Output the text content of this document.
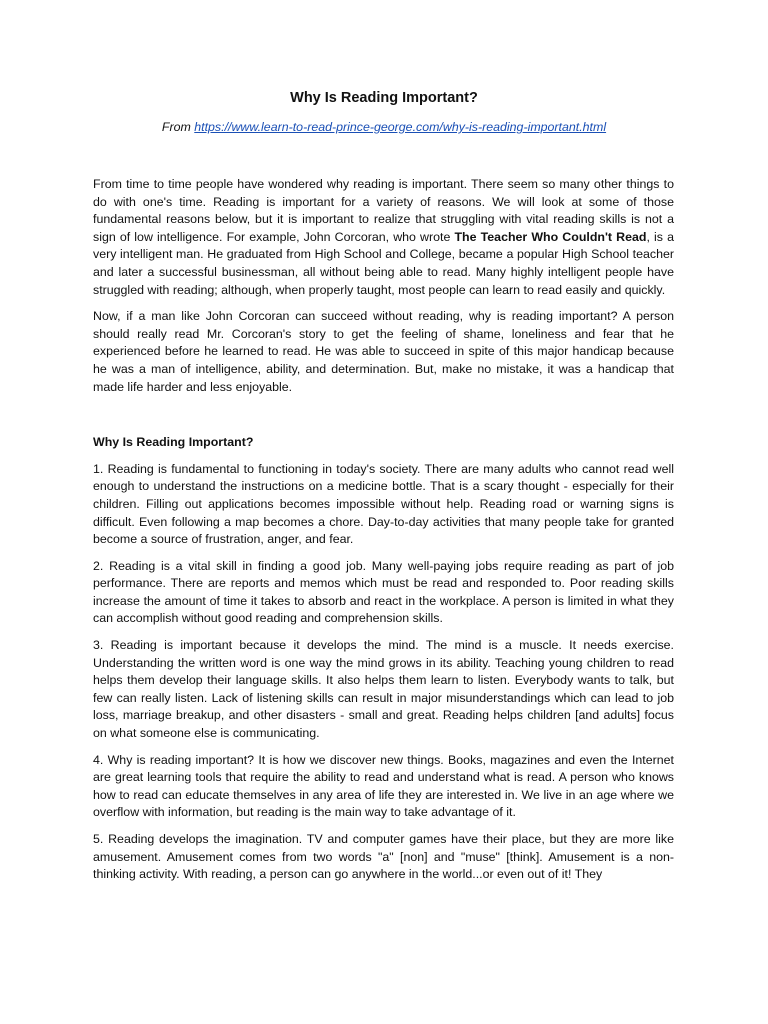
Why Is Reading Important?

From https://www.learn-to-read-prince-george.com/why-is-reading-important.html

From time to time people have wondered why reading is important. There seem so many other things to do with one's time. Reading is important for a variety of reasons. We will look at some of those fundamental reasons below, but it is important to realize that struggling with vital reading skills is not a sign of low intelligence. For example, John Corcoran, who wrote The Teacher Who Couldn't Read, is a very intelligent man. He graduated from High School and College, became a popular High School teacher and later a successful businessman, all without being able to read. Many highly intelligent people have struggled with reading; although, when properly taught, most people can learn to read easily and quickly.

Now, if a man like John Corcoran can succeed without reading, why is reading important? A person should really read Mr. Corcoran's story to get the feeling of shame, loneliness and fear that he experienced before he learned to read. He was able to succeed in spite of this major handicap because he was a man of intelligence, ability, and determination. But, make no mistake, it was a handicap that made life harder and less enjoyable.

Why Is Reading Important?

1. Reading is fundamental to functioning in today's society. There are many adults who cannot read well enough to understand the instructions on a medicine bottle. That is a scary thought - especially for their children. Filling out applications becomes impossible without help. Reading road or warning signs is difficult. Even following a map becomes a chore. Day-to-day activities that many people take for granted become a source of frustration, anger, and fear.

2. Reading is a vital skill in finding a good job. Many well-paying jobs require reading as part of job performance. There are reports and memos which must be read and responded to. Poor reading skills increase the amount of time it takes to absorb and react in the workplace. A person is limited in what they can accomplish without good reading and comprehension skills.

3. Reading is important because it develops the mind. The mind is a muscle. It needs exercise. Understanding the written word is one way the mind grows in its ability. Teaching young children to read helps them develop their language skills. It also helps them learn to listen. Everybody wants to talk, but few can really listen. Lack of listening skills can result in major misunderstandings which can lead to job loss, marriage breakup, and other disasters - small and great. Reading helps children [and adults] focus on what someone else is communicating.

4. Why is reading important? It is how we discover new things. Books, magazines and even the Internet are great learning tools that require the ability to read and understand what is read. A person who knows how to read can educate themselves in any area of life they are interested in. We live in an age where we overflow with information, but reading is the main way to take advantage of it.

5. Reading develops the imagination. TV and computer games have their place, but they are more like amusement. Amusement comes from two words "a" [non] and "muse" [think]. Amusement is a non-thinking activity. With reading, a person can go anywhere in the world...or even out of it! They
